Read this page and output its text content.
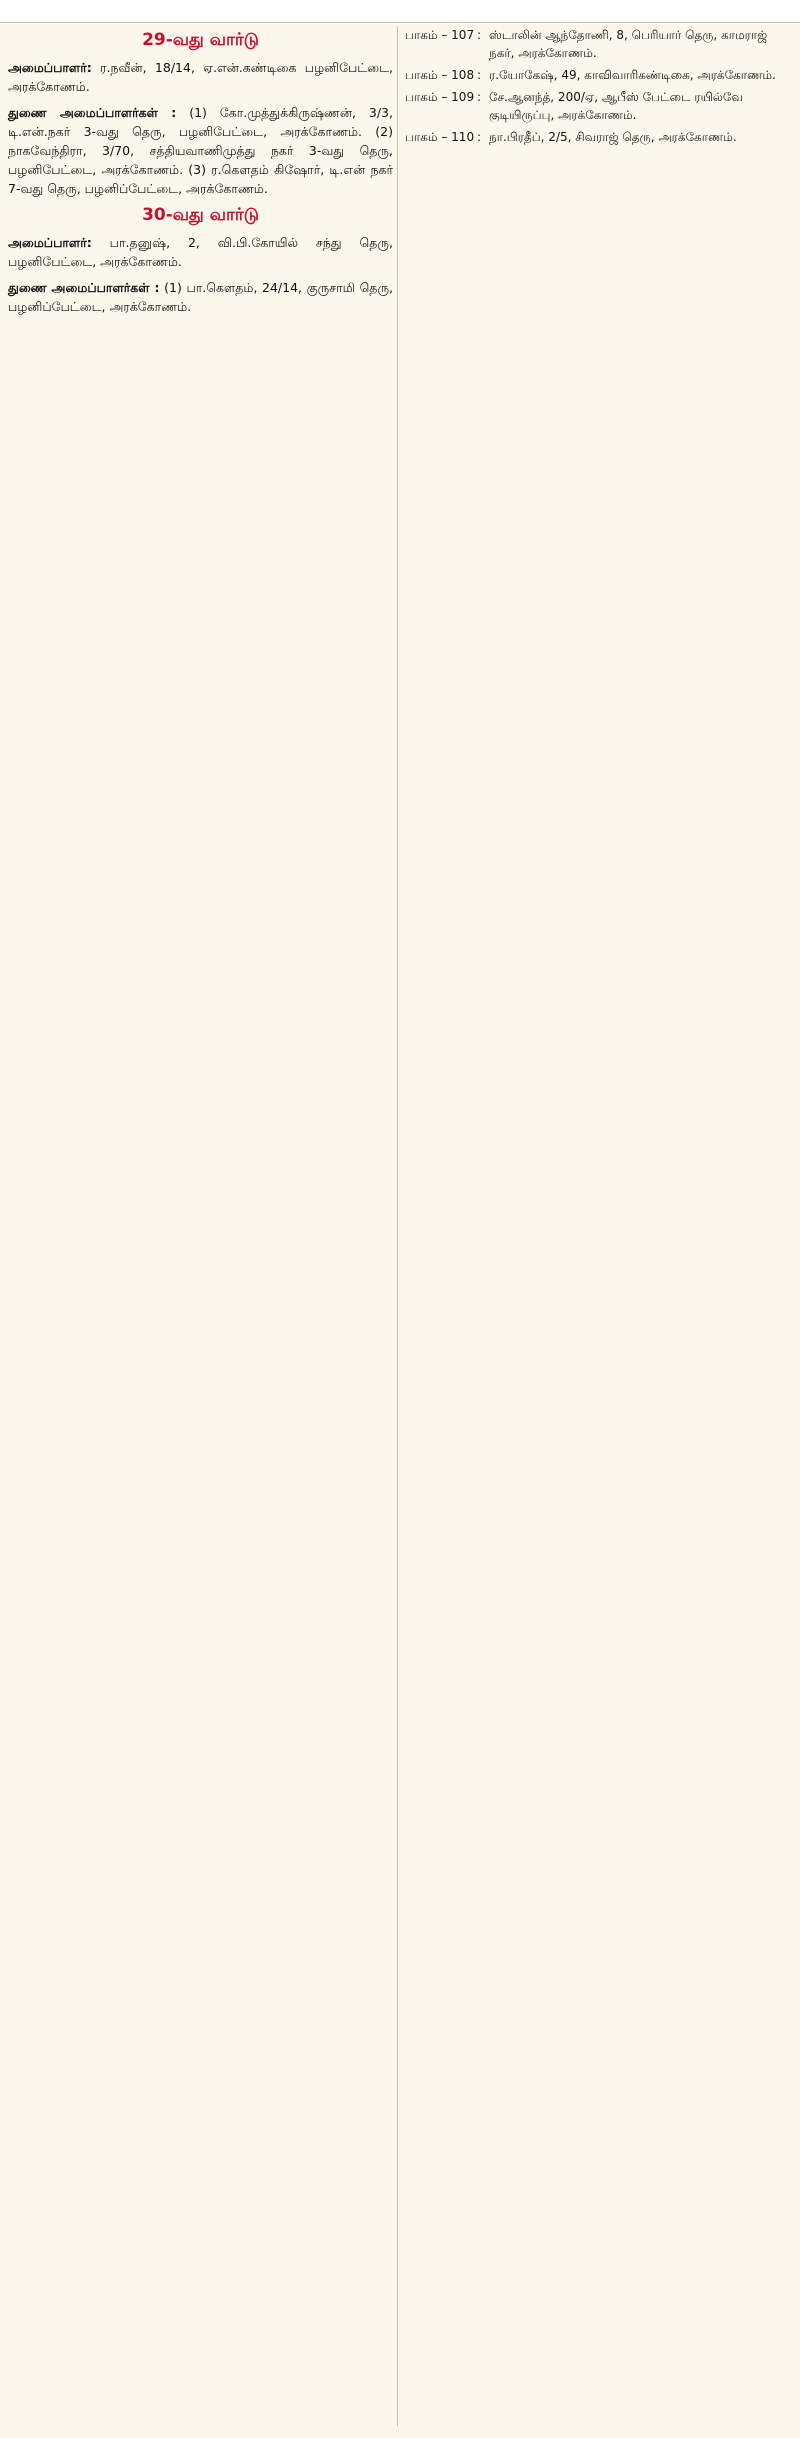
29-வது வார்டு

அமைப்பாளர்: ர.நவீன், 18/14, ஏ.என்.கண்டிகை பழனிபேட்டை, அரக்கோணம்.

துணை அமைப்பாளர்கள் : (1) கோ.முத்துக்கிருஷ்ணன், 3/3, டி.என்.நகர் 3-வது தெரு, பழனிபேட்டை, அரக்கோணம். (2) நாகவேந்திரா, 3/70, சத்தியவாணிமுத்து நகர் 3-வது தெரு, பழனிபேட்டை, அரக்கோணம். (3) ர.கௌதம் கிஷோர், டி.என் நகர் 7-வது தெரு, பழனிப்பேட்டை, அரக்கோணம்.

30-வது வார்டு

அமைப்பாளர்: பா.தனுஷ், 2, வி.பி.கோயில் சந்து தெரு, பழனிபேட்டை, அரக்கோணம்.

துணை அமைப்பாளர்கள் : (1) பா.கௌதம், 24/14, குருசாமி தெரு, பழனிப்பேட்டை, அரக்கோணம்.

பாகம் – 107 : ஸ்டாலின் ஆந்தோணி, 8, பெரியார் தெரு, காமராஜ் நகர், அரக்கோணம்.
பாகம் – 108 : ர.யோகேஷ், 49, காவிவாரிகண்டிகை, அரக்கோணம்.
பாகம் – 109 : சே.ஆனந்த், 200/ஏ, ஆபீஸ் பேட்டை ரயில்வே குடியிருப்பு, அரக்கோணம்.
பாகம் – 110 : நா.பிரதீப், 2/5, சிவராஜ் தெரு, அரக்கோணம்.
